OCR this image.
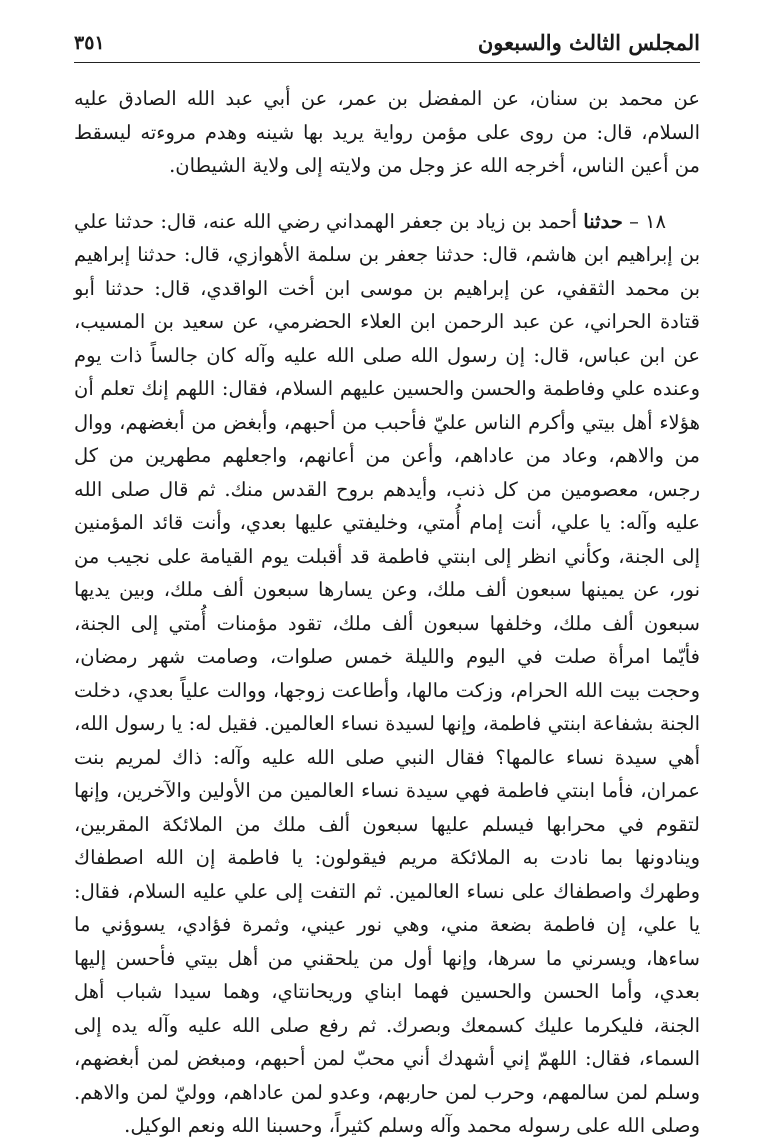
المجلس الثالث والسبعون
٣٥١

عن محمد بن سنان، عن المفضل بن عمر، عن أبي عبد الله الصادق عليه السلام، قال: من روى على مؤمن رواية يريد بها شينه وهدم مروءته ليسقط من أعين الناس، أخرجه الله عز وجل من ولايته إلى ولاية الشيطان.

١٨ – حدثنا أحمد بن زياد بن جعفر الهمداني رضي الله عنه، قال: حدثنا علي بن إبراهيم ابن هاشم، قال: حدثنا جعفر بن سلمة الأهوازي، قال: حدثنا إبراهيم بن محمد الثقفي، عن إبراهيم بن موسى ابن أخت الواقدي، قال: حدثنا أبو قتادة الحراني، عن عبد الرحمن ابن العلاء الحضرمي، عن سعيد بن المسيب، عن ابن عباس، قال: إن رسول الله صلى الله عليه وآله كان جالساً ذات يوم وعنده علي وفاطمة والحسن والحسين عليهم السلام، فقال: اللهم إنك تعلم أن هؤلاء أهل بيتي وأكرم الناس عليّ فأحبب من أحبهم، وأبغض من أبغضهم، ووال من والاهم، وعاد من عاداهم، وأعن من أعانهم، واجعلهم مطهرين من كل رجس، معصومين من كل ذنب، وأيدهم بروح القدس منك. ثم قال صلى الله عليه وآله: يا علي، أنت إمام أُمتي، وخليفتي عليها بعدي، وأنت قائد المؤمنين إلى الجنة، وكأني انظر إلى ابنتي فاطمة قد أقبلت يوم القيامة على نجيب من نور، عن يمينها سبعون ألف ملك، وعن يسارها سبعون ألف ملك، وبين يديها سبعون ألف ملك، وخلفها سبعون ألف ملك، تقود مؤمنات أُمتي إلى الجنة، فأيّما امرأة صلت في اليوم والليلة خمس صلوات، وصامت شهر رمضان، وحجت بيت الله الحرام، وزكت مالها، وأطاعت زوجها، ووالت علياً بعدي، دخلت الجنة بشفاعة ابنتي فاطمة، وإنها لسيدة نساء العالمين. فقيل له: يا رسول الله، أهي سيدة نساء عالمها؟ فقال النبي صلى الله عليه وآله: ذاك لمريم بنت عمران، فأما ابنتي فاطمة فهي سيدة نساء العالمين من الأولين والآخرين، وإنها لتقوم في محرابها فيسلم عليها سبعون ألف ملك من الملائكة المقربين، وينادونها بما نادت به الملائكة مريم فيقولون: يا فاطمة إن الله اصطفاك وطهرك واصطفاك على نساء العالمين. ثم التفت إلى علي عليه السلام، فقال: يا علي، إن فاطمة بضعة مني، وهي نور عيني، وثمرة فؤادي، يسوؤني ما ساءها، ويسرني ما سرها، وإنها أول من يلحقني من أهل بيتي فأحسن إليها بعدي، وأما الحسن والحسين فهما ابناي وريحانتاي، وهما سيدا شباب أهل الجنة، فليكرما عليك كسمعك وبصرك. ثم رفع صلى الله عليه وآله يده إلى السماء، فقال: اللهمّ إني أشهدك أني محبّ لمن أحبهم، ومبغض لمن أبغضهم، وسلم لمن سالمهم، وحرب لمن حاربهم، وعدو لمن عاداهم، ووليّ لمن والاهم. وصلى الله على رسوله محمد وآله وسلم كثيراً، وحسبنا الله ونعم الوكيل.
